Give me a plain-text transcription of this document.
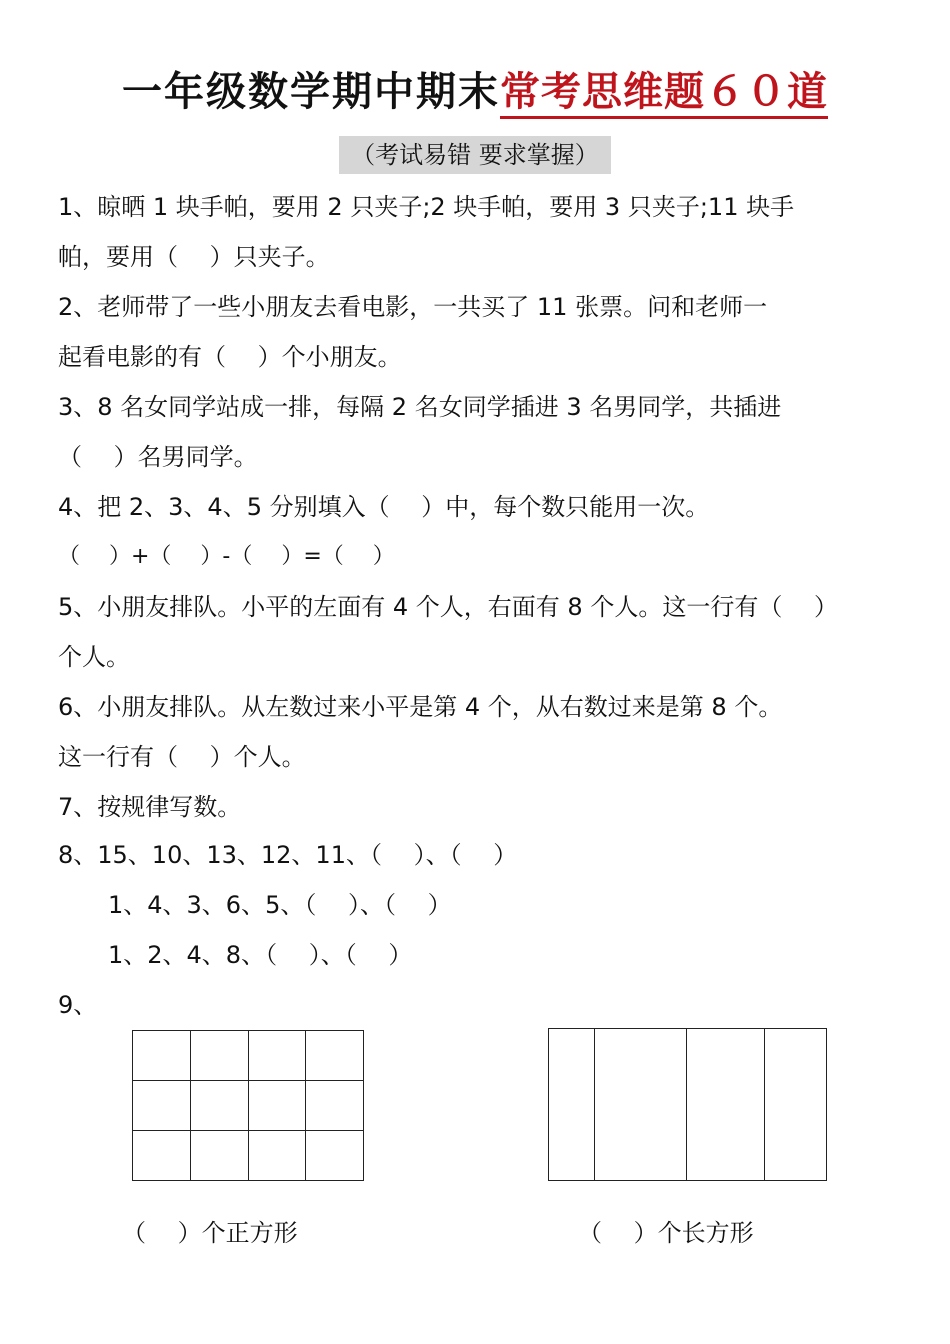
一年级数学期中期末常考思维题６０道
（考试易错 要求掌握）
1、晾晒 1 块手帕，要用 2 只夹子;2 块手帕，要用 3 只夹子;11 块手
帕，要用（　 ）只夹子。
2、老师带了一些小朋友去看电影，一共买了 11 张票。问和老师一
起看电影的有（　 ）个小朋友。
3、8 名女同学站成一排，每隔 2 名女同学插进 3 名男同学，共插进
（　 ）名男同学。
4、把 2、3、4、5 分别填入（　 ）中，每个数只能用一次。
（　 ）+（　 ）-（　 ）=（　 ）
5、小朋友排队。小平的左面有 4 个人，右面有 8 个人。这一行有（　 ）
个人。
6、小朋友排队。从左数过来小平是第 4 个，从右数过来是第 8 个。
这一行有（　 ）个人。
7、按规律写数。
8、15、10、13、12、11、（　 ）、（　 ）
1、4、3、6、5、（　 ）、（　 ）
1、2、4、8、（　 ）、（　 ）
9、

（　 ）个正方形	（　 ）个长方形
